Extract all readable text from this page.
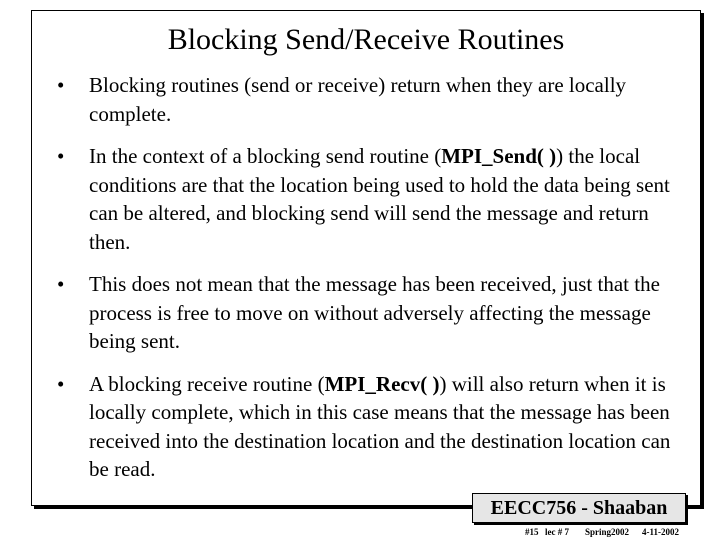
Blocking Send/Receive Routines
•	Blocking routines (send or receive) return when they are locally complete.
•	In the context of a blocking send routine (MPI_Send( )) the local conditions are that the location being used to hold the data being sent can be altered, and blocking send will send the message and return then.
•	This does not mean that the message has been received, just that the process is free to move on without adversely affecting the message being sent.
•	A blocking receive routine (MPI_Recv( )) will also return when it is locally complete, which in this case means that the message has been received into the destination location and the destination location can be read.
EECC756 - Shaaban
#15 lec # 7 Spring2002 4-11-2002
